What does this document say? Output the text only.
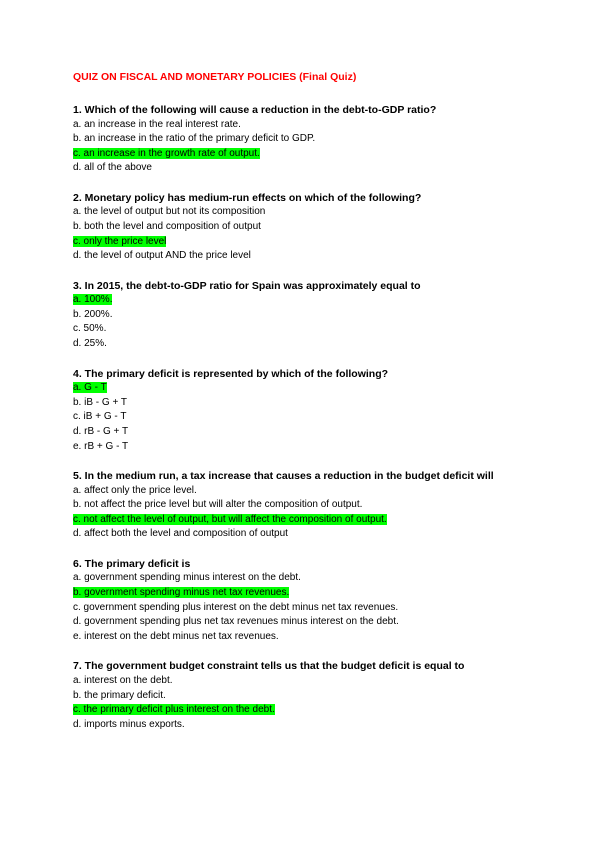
QUIZ ON FISCAL AND MONETARY POLICIES (Final Quiz)
1. Which of the following will cause a reduction in the debt-to-GDP ratio?
a. an increase in the real interest rate.
b. an increase in the ratio of the primary deficit to GDP.
c. an increase in the growth rate of output.
d. all of the above
2. Monetary policy has medium-run effects on which of the following?
a. the level of output but not its composition
b. both the level and composition of output
c. only the price level
d. the level of output AND the price level
3. In 2015, the debt-to-GDP ratio for Spain was approximately equal to
a. 100%.
b. 200%.
c. 50%.
d. 25%.
4. The primary deficit is represented by which of the following?
a. G - T
b. iB - G + T
c. iB + G - T
d. rB - G + T
e. rB + G - T
5. In the medium run, a tax increase that causes a reduction in the budget deficit will
a. affect only the price level.
b. not affect the price level but will alter the composition of output.
c. not affect the level of output, but will affect the composition of output.
d. affect both the level and composition of output
6. The primary deficit is
a. government spending minus interest on the debt.
b. government spending minus net tax revenues.
c. government spending plus interest on the debt minus net tax revenues.
d. government spending plus net tax revenues minus interest on the debt.
e. interest on the debt minus net tax revenues.
7. The government budget constraint tells us that the budget deficit is equal to
a. interest on the debt.
b. the primary deficit.
c. the primary deficit plus interest on the debt.
d. imports minus exports.
